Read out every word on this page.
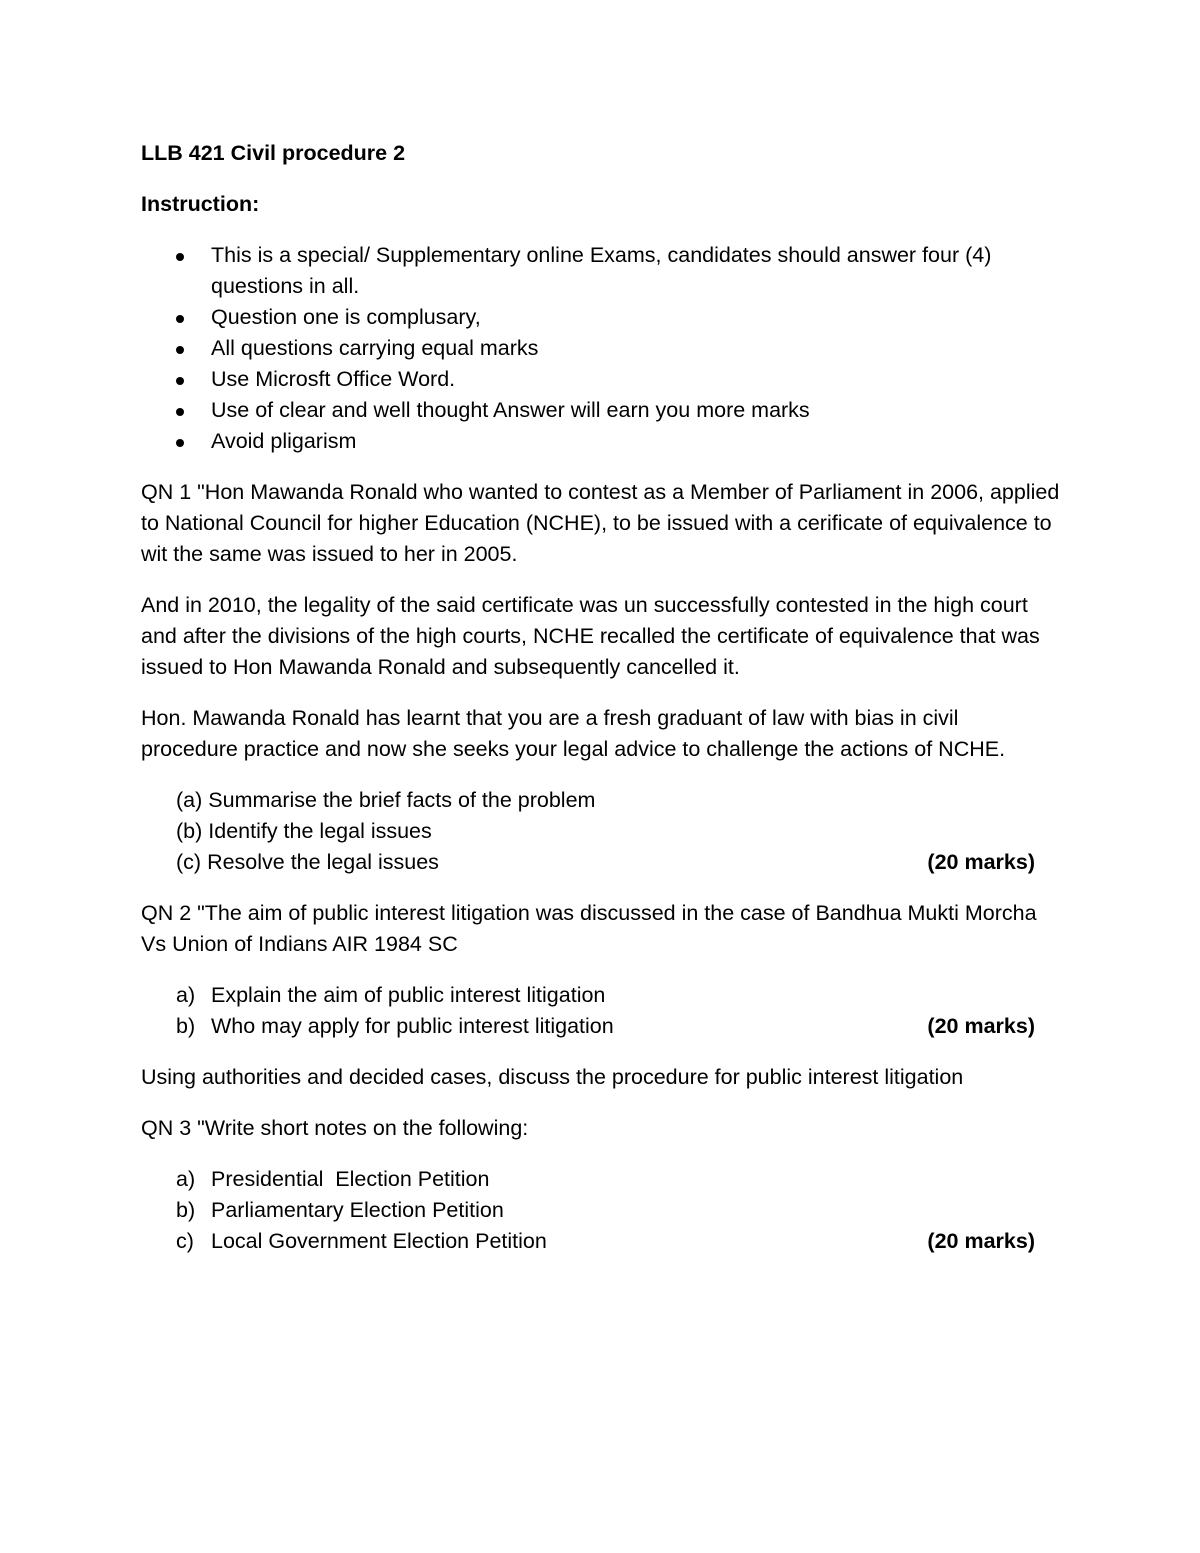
LLB 421 Civil procedure 2
Instruction:
This is a special/ Supplementary online Exams, candidates should answer four (4) questions in all.
Question one is complusary,
All questions carrying equal marks
Use Microsft Office Word.
Use of clear and well thought Answer will earn you more marks
Avoid pligarism

QN 1 "Hon Mawanda Ronald who wanted to contest as a Member of Parliament in 2006, applied to National Council for higher Education (NCHE), to be issued with a cerificate of equivalence to wit the same was issued to her in 2005.

And in 2010, the legality of the said certificate was un successfully contested in the high court and after the divisions of the high courts, NCHE recalled the certificate of equivalence that was issued to Hon Mawanda Ronald and subsequently cancelled it.

Hon. Mawanda Ronald has learnt that you are a fresh graduant of law with bias in civil procedure practice and now she seeks your legal advice to challenge the actions of NCHE.

(a) Summarise the brief facts of the problem
(b) Identify the legal issues
(c) Resolve the legal issues	(20 marks)

QN 2 "The aim of public interest litigation was discussed in the case of Bandhua Mukti Morcha Vs Union of Indians AIR 1984 SC

a) Explain the aim of public interest litigation
b) Who may apply for public interest litigation	(20 marks)

Using authorities and decided cases, discuss the procedure for public interest litigation

QN 3 "Write short notes on the following:

a) Presidential  Election Petition
b) Parliamentary Election Petition
c) Local Government Election Petition	(20 marks)
